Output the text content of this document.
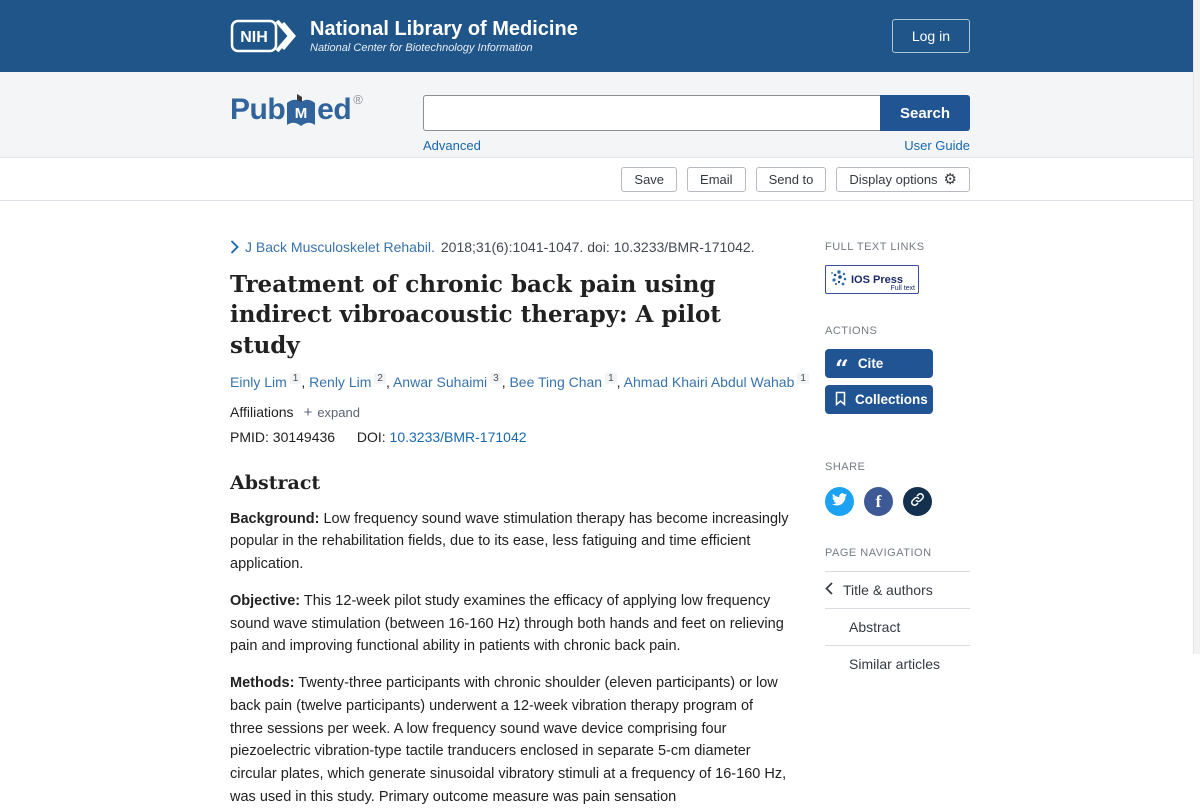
NIH National Library of Medicine
National Center for Biotechnology Information
Log in
Pub M ed ®
Search
Advanced	User Guide
Save	Email	Send to	Display options ⚙
J Back Musculoskelet Rehabil. 2018;31(6):1041-1047. doi: 10.3233/BMR-171042.
Treatment of chronic back pain using indirect vibroacoustic therapy: A pilot study
Einly Lim $^1$ , Renly Lim $^2$ , Anwar Suhaimi $^3$ , Bee Ting Chan $^1$ , Ahmad Khairi Abdul Wahab $^1$
Affiliations + expand
PMID: 30149436 DOI: 10.3233/BMR-171042
Abstract

Background: Low frequency sound wave stimulation therapy has become increasingly popular in the rehabilitation fields, due to its ease, less fatiguing and time efficient application.

Objective: This 12-week pilot study examines the efficacy of applying low frequency sound wave stimulation (between 16-160 Hz) through both hands and feet on relieving pain and improving functional ability in patients with chronic back pain.

Methods: Twenty-three participants with chronic shoulder (eleven participants) or low back pain (twelve participants) underwent a 12-week vibration therapy program of three sessions per week. A low frequency sound wave device comprising four piezoelectric vibration-type tactile tranducers enclosed in separate 5-cm diameter circular plates, which generate sinusoidal vibratory stimuli at a frequency of 16-160 Hz, was used in this study. Primary outcome measure was pain sensation

FULL TEXT LINKS
IOS Press
Full text
ACTIONS
“ Cite
Collections
SHARE
f
PAGE NAVIGATION
Title & authors
Abstract
Similar articles
